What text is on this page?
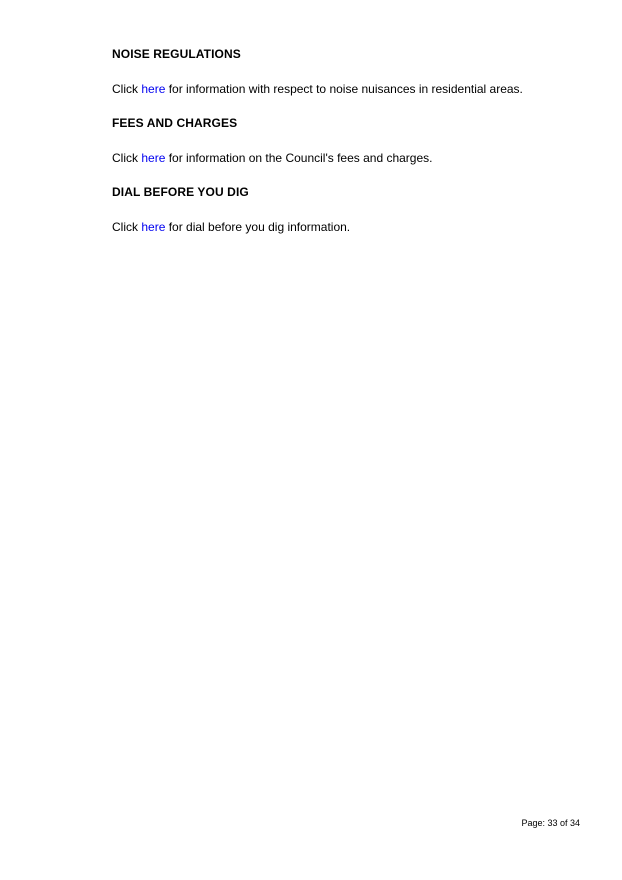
NOISE REGULATIONS

Click here for information with respect to noise nuisances in residential areas.

FEES AND CHARGES

Click here for information on the Council's fees and charges.

DIAL BEFORE YOU DIG

Click here for dial before you dig information.

Page: 33 of 34
